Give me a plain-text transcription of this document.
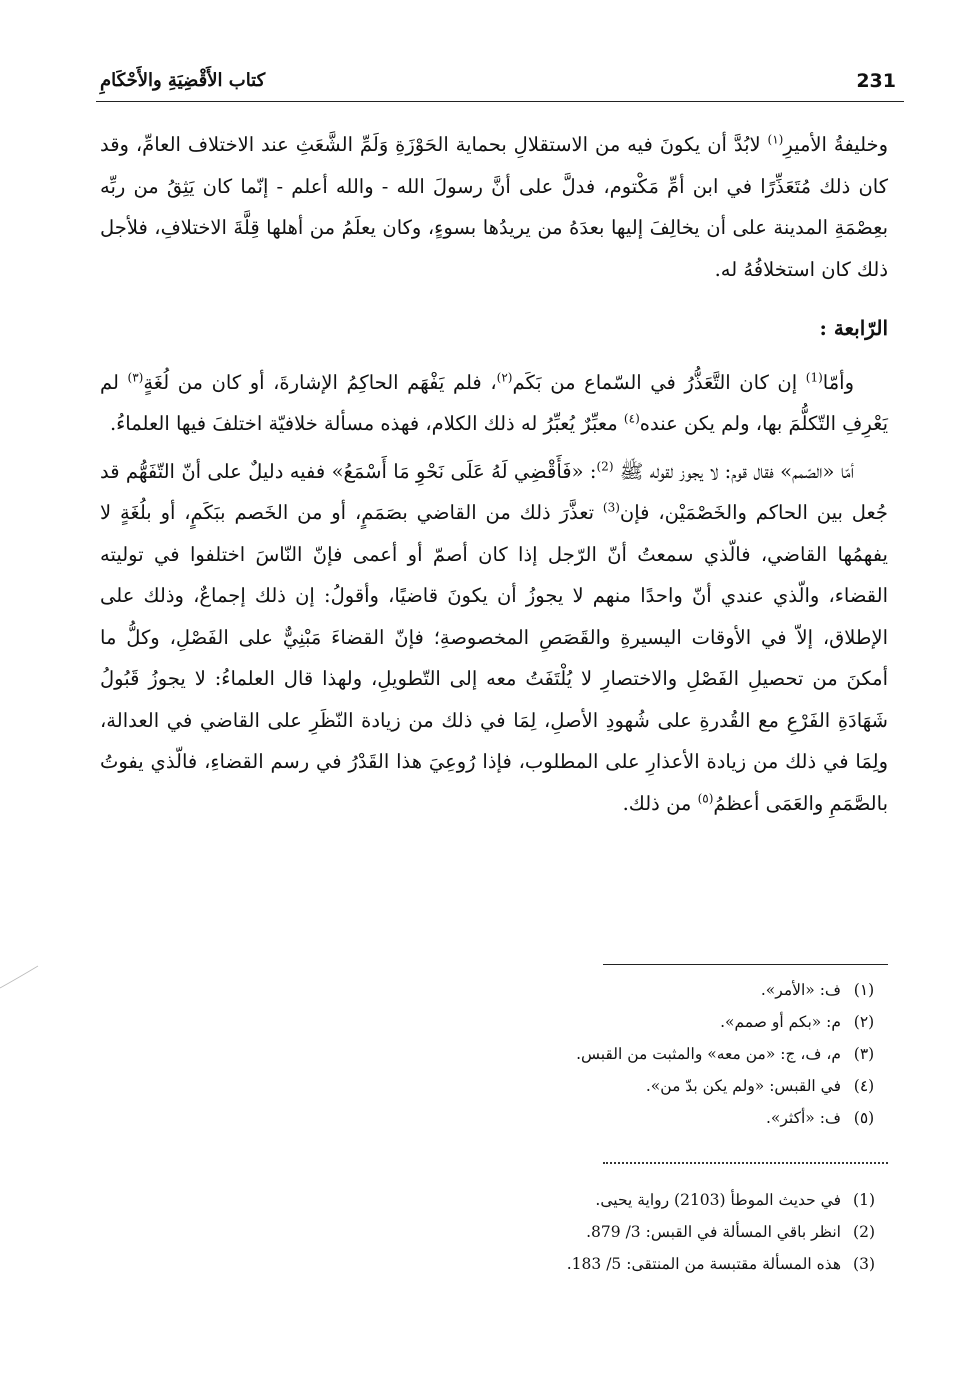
231
كتاب الأَقْضِيَةِ والأَحْكَامِ

وخليفةُ الأميرِ$^{(١)}$ لابُدَّ أن يكونَ فيه من الاستقلالِ بحماية الحَوْزَةِ وَلَمِّ الشَّعَثِ عند الاختلاف العامِّ، وقد كان ذلك مُتَعَذِّرًا في ابن أمِّ مَكْتوم، فدلَّ على أنَّ رسولَ الله - والله أعلم - إنّما كان يَثِقُ من ربِّه بعِصْمَةِ المدينة على أن يخالِفَ إليها بعدَهُ من يريدُها بسوءٍ، وكان يعلَمُ من أهلها قِلَّةَ الاختلافِ، فلأجل ذلك كان استخلافُهُ له.

الرّابعة :

وأمّا$^{(1)}$ إن كان التَّعَذُّرُ في السّماع من بَكَم$^{(٢)}$، فلم يَفْهَم الحاكِمُ الإشارةَ، أو كان من لُغَةٍ$^{(٣)}$ لم يَعْرِفِ التّكلُّمَ بها، ولم يكن عنده$^{(٤)}$ معبِّرٌ يُعبِّرُ له ذلك الكلام، فهذه مسألة خلافيّة اختلفَ فيها العلماءُ.

أمّا «الصّمم» فقال قوم: لا يجوز لقوله ﷺ $^{(2)}$: «فَأَقْضِي لَهُ عَلَى نَحْوِ مَا أَسْمَعُ» ففيه دليلٌ على أنّ التّفَهُّم قد جُعل بين الحاكم والخَصْمَيْن، فإن$^{(3)}$ تعذَّرَ ذلك من القاضي بصَمَمٍ، أو من الخَصم ببَكَمٍ، أو بلُغَةٍ لا يفهمُها القاضي، فالّذي سمعتُ أنّ الرّجل إذا كان أصمّ أو أعمى فإنّ النّاسَ اختلفوا في توليته القضاء، والّذي عندي أنّ واحدًا منهم لا يجوزُ أن يكونَ قاضيًا، وأقولُ: إن ذلك إجماعٌ، وذلك على الإطلاق، إلاّ في الأوقات اليسيرةِ والقَصَصِ المخصوصةِ؛ فإنّ القضاءَ مَبْنِيٌّ على الفَصْلِ، وكلُّ ما أمكنَ من تحصيلِ الفَصْلِ والاختصارِ لا يُلْتَفَتُ معه إلى التّطويلِ، ولهذا قال العلماءُ: لا يجوزُ قَبُولُ شَهَادَةِ الفَرْعِ مع القُدرةِ على شُهودِ الأصلِ، لِمَا في ذلك من زيادة النّظَرِ على القاضي في العدالة، ولِمَا في ذلك من زيادة الأعذارِ على المطلوب، فإذا رُوعِيَ هذا القَدْرُ في رسم القضاءِ، فالّذي يفوتُ بالصَّمَمِ والعَمَى أعظمُ$^{(٥)}$ من ذلك.

(١)
ف: «الأمر».
(٢)
م: «بكم أو صمم».
(٣)
م، ف، ج: «من معه» والمثبت من القبس.
(٤)
في القبس: «ولم يكن بدّ من».
(٥)
ف: «أكثر».
(1)
في حديث الموطأ (2103) رواية يحيى.
(2)
انظر باقي المسألة في القبس: 3/ 879.
(3)
هذه المسألة مقتبسة من المنتقى: 5/ 183.
